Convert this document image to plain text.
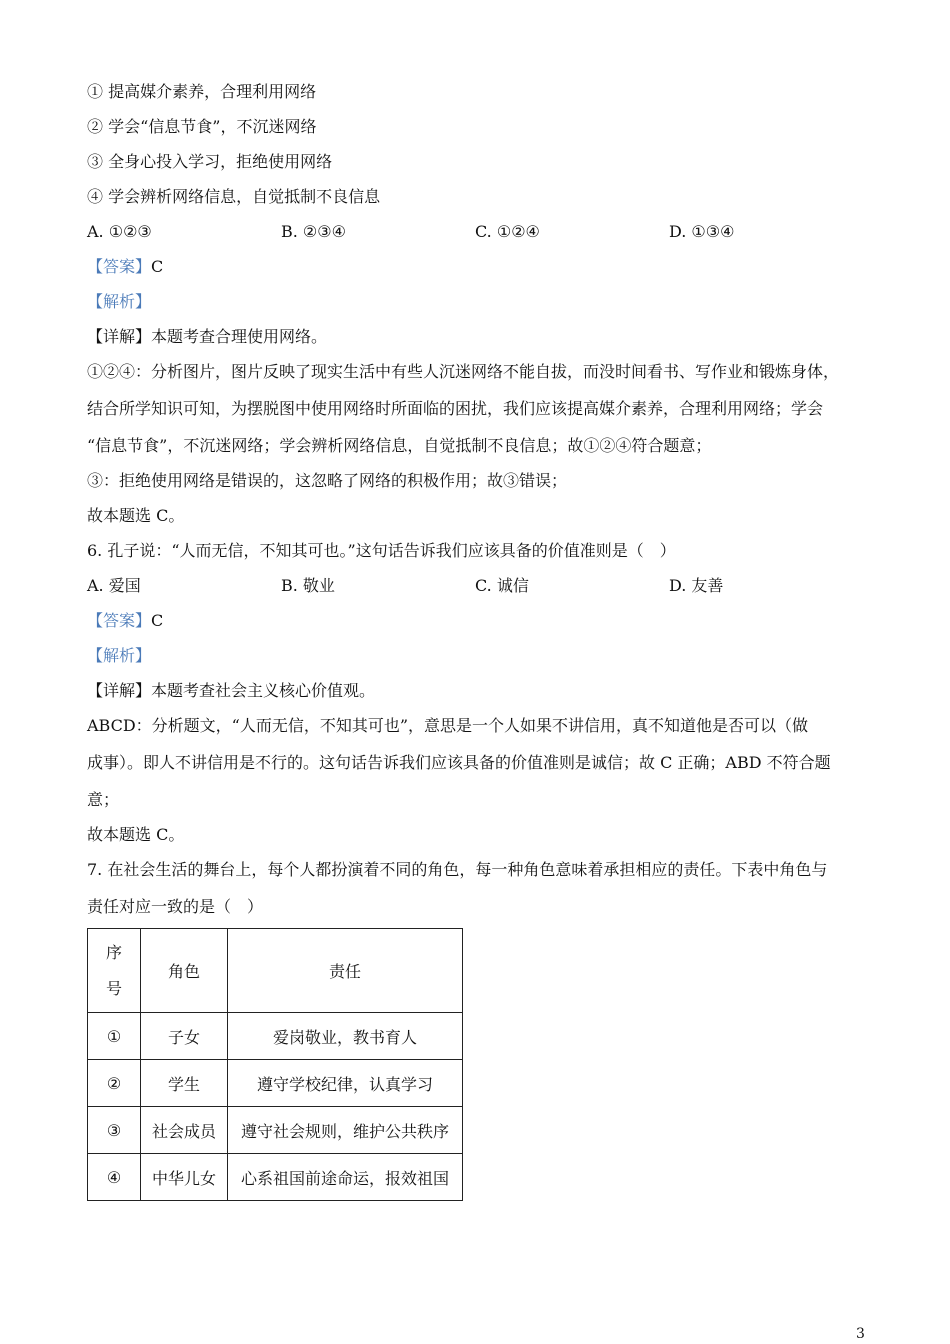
① 提高媒介素养，合理利用网络
② 学会“信息节食”，不沉迷网络
③ 全身心投入学习，拒绝使用网络
④ 学会辨析网络信息，自觉抵制不良信息
A. ①②③	B. ②③④	C. ①②④	D. ①③④
【答案】C
【解析】
【详解】本题考查合理使用网络。
①②④：分析图片，图片反映了现实生活中有些人沉迷网络不能自拔，而没时间看书、写作业和锻炼身体，
结合所学知识可知，为摆脱图中使用网络时所面临的困扰，我们应该提高媒介素养，合理利用网络；学会
“信息节食”，不沉迷网络；学会辨析网络信息，自觉抵制不良信息；故①②④符合题意；
③：拒绝使用网络是错误的，这忽略了网络的积极作用；故③错误；
故本题选 C。
6. 孔子说：“人而无信，不知其可也。”这句话告诉我们应该具备的价值准则是（　）
A. 爱国	B. 敬业	C. 诚信	D. 友善
【答案】C
【解析】
【详解】本题考查社会主义核心价值观。
ABCD：分析题文，“人而无信，不知其可也”，意思是一个人如果不讲信用，真不知道他是否可以（做
成事）。即人不讲信用是不行的。这句话告诉我们应该具备的价值准则是诚信；故 C 正确；ABD 不符合题
意；
故本题选 C。
7. 在社会生活的舞台上，每个人都扮演着不同的角色，每一种角色意味着承担相应的责任。下表中角色与
责任对应一致的是（　）
序
号	角色	责任
①	子女	爱岗敬业，教书育人
②	学生	遵守学校纪律，认真学习
③	社会成员	遵守社会规则，维护公共秩序
④	中华儿女	心系祖国前途命运，报效祖国
3
